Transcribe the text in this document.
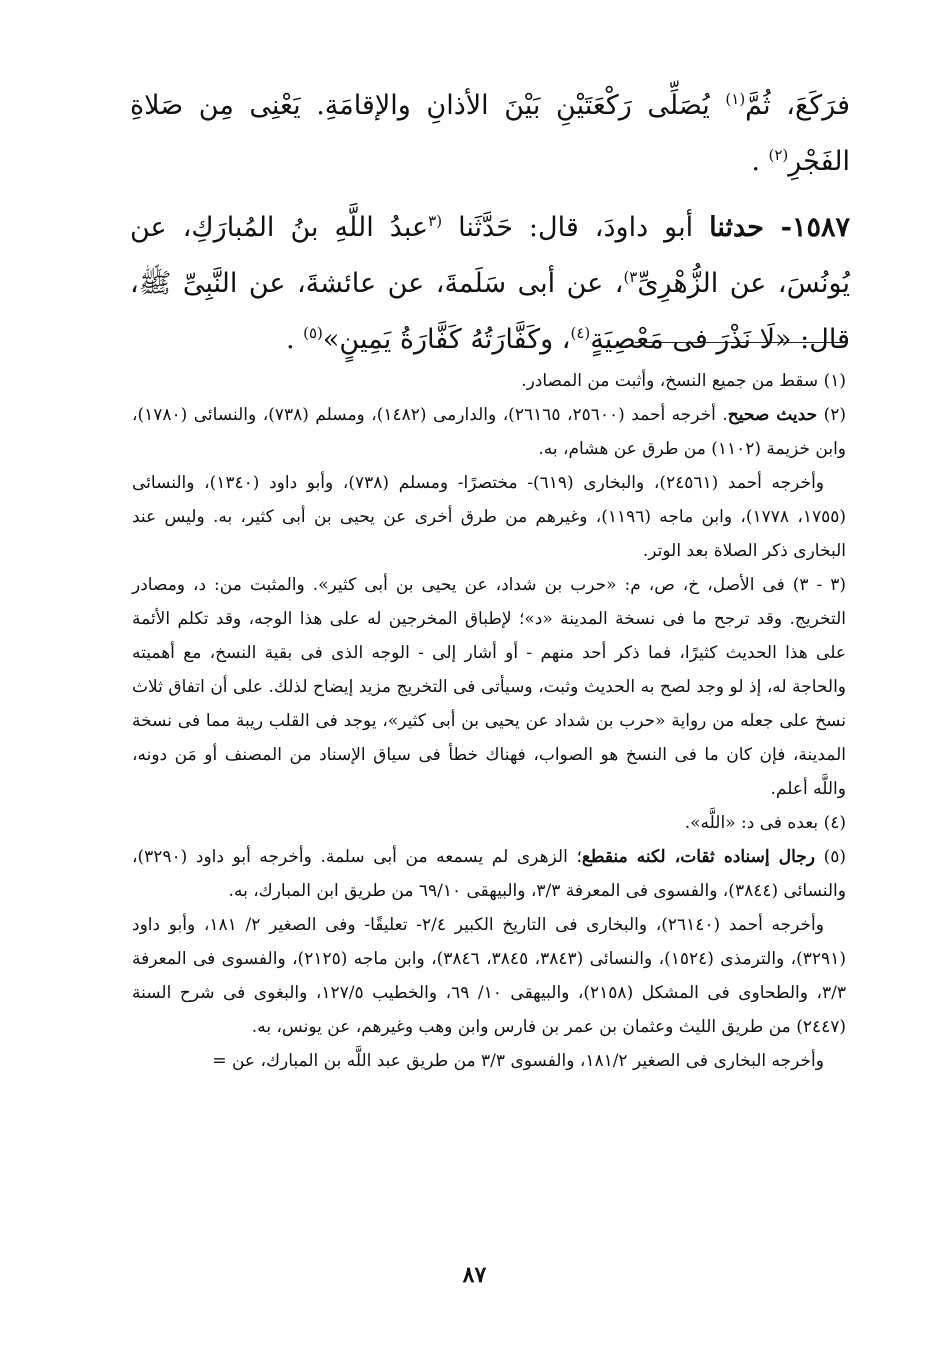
فرَكَعَ، ثُمَّ$^{(١)}$ يُصَلِّى رَكْعَتَيْنِ بَيْنَ الأذانِ والإقامَةِ. يَعْنِى مِن صَلاةِ الفَجْرِ$^{(٢)}$ .

١٥٨٧- حدثنا أبو داودَ، قال: حَدَّثَنا $^{(٣}$عبدُ اللَّهِ بنُ المُبارَكِ، عن يُونُسَ، عن الزُّهْرِىِّ$^{٣)}$، عن أبى سَلَمةَ، عن عائشةَ، عن النَّبِىِّ ﷺ، قال: «لَا نَذْرَ فى مَعْصِيَةٍ$^{(٤)}$، وكَفَّارَتُهُ كَفَّارَةُ يَمِينٍ»$^{(٥)}$ .

(١) سقط من جميع النسخ، وأثبت من المصادر.

(٢) حديث صحيح. أخرجه أحمد (٢٥٦٠٠، ٢٦١٦٥)، والدارمى (١٤٨٢)، ومسلم (٧٣٨)، والنسائى (١٧٨٠)، وابن خزيمة (١١٠٢) من طرق عن هشام، به.

وأخرجه أحمد (٢٤٥٦١)، والبخارى (٦١٩)- مختصرًا- ومسلم (٧٣٨)، وأبو داود (١٣٤٠)، والنسائى (١٧٥٥، ١٧٧٨)، وابن ماجه (١١٩٦)، وغيرهم من طرق أخرى عن يحيى بن أبى كثير، به. وليس عند البخارى ذكر الصلاة بعد الوتر.

(٣ - ٣) فى الأصل، خ، ص، م: «حرب بن شداد، عن يحيى بن أبى كثير». والمثبت من: د، ومصادر التخريج. وقد ترجح ما فى نسخة المدينة «د»؛ لإطباق المخرجين له على هذا الوجه، وقد تكلم الأئمة على هذا الحديث كثيرًا، فما ذكر أحد منهم - أو أشار إلى - الوجه الذى فى بقية النسخ، مع أهميته والحاجة له، إذ لو وجد لصح به الحديث وثبت، وسيأتى فى التخريج مزيد إيضاح لذلك. على أن اتفاق ثلاث نسخ على جعله من رواية «حرب بن شداد عن يحيى بن أبى كثير»، يوجد فى القلب ريبة مما فى نسخة المدينة، فإن كان ما فى النسخ هو الصواب، فهناك خطأ فى سياق الإسناد من المصنف أو مَن دونه، واللَّه أعلم.

(٤) بعده فى د: «اللَّه».

(٥) رجال إسناده ثقات، لكنه منقطع؛ الزهرى لم يسمعه من أبى سلمة. وأخرجه أبو داود (٣٢٩٠)، والنسائى (٣٨٤٤)، والفسوى فى المعرفة ٣/٣، والبيهقى ٦٩/١٠ من طريق ابن المبارك، به.

وأخرجه أحمد (٢٦١٤٠)، والبخارى فى التاريخ الكبير ٢/٤- تعليقًا- وفى الصغير ٢/ ١٨١، وأبو داود (٣٢٩١)، والترمذى (١٥٢٤)، والنسائى (٣٨٤٣، ٣٨٤٥، ٣٨٤٦)، وابن ماجه (٢١٢٥)، والفسوى فى المعرفة ٣/٣، والطحاوى فى المشكل (٢١٥٨)، والبيهقى ١٠/ ٦٩، والخطيب ١٢٧/٥، والبغوى فى شرح السنة (٢٤٤٧) من طريق الليث وعثمان بن عمر بن فارس وابن وهب وغيرهم، عن يونس، به.

وأخرجه البخارى فى الصغير ١٨١/٢، والفسوى ٣/٣ من طريق عبد اللَّه بن المبارك، عن =

٨٧
